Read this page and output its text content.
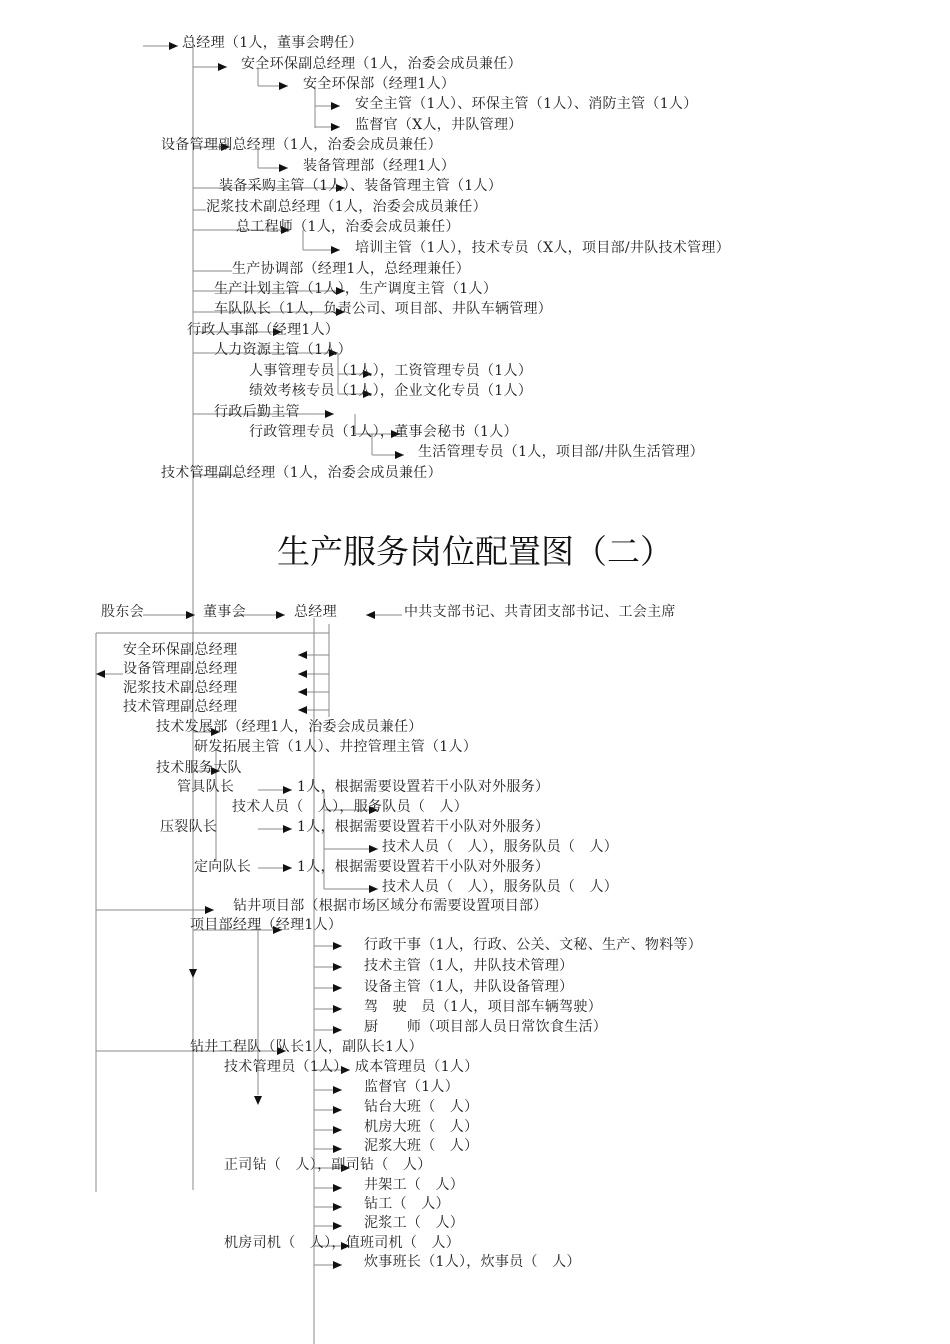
生产服务岗位配置图（二）
总经理（1人，董事会聘任）
安全环保副总经理（1人，治委会成员兼任）
安全环保部（经理1人）
安全主管（1人）、环保主管（1人）、消防主管（1人）
监督官（X人，井队管理）
设备管理副总经理（1人，治委会成员兼任）
装备管理部（经理1人）
装备采购主管（1人）、装备管理主管（1人）
泥浆技术副总经理（1人，治委会成员兼任）
总工程师（1人，治委会成员兼任）
培训主管（1人），技术专员（X人，项目部/井队技术管理）
生产协调部（经理1人，总经理兼任）
生产计划主管（1人），生产调度主管（1人）
车队队长（1人，负责公司、项目部、井队车辆管理）
行政人事部（经理1人）
人力资源主管（1人）
人事管理专员（1人），工资管理专员（1人）
绩效考核专员（1人），企业文化专员（1人）
行政后勤主管
行政管理专员（1人），董事会秘书（1人）
生活管理专员（1人，项目部/井队生活管理）
技术管理副总经理（1人，治委会成员兼任）
股东会	董事会	总经理	中共支部书记、共青团支部书记、工会主席
安全环保副总经理
设备管理副总经理
泥浆技术副总经理
技术管理副总经理
技术发展部（经理1人，治委会成员兼任）
研发拓展主管（1人）、井控管理主管（1人）
技术服务大队
管具队长	1人，根据需要设置若干小队对外服务）
技术人员（　人），服务队员（　人）
压裂队长	1人，根据需要设置若干小队对外服务）
技术人员（　人），服务队员（　人）
定向队长	1人，根据需要设置若干小队对外服务）
技术人员（　人），服务队员（　人）
钻井项目部（根据市场区域分布需要设置项目部）
项目部经理（经理1人）
行政干事（1人，行政、公关、文秘、生产、物料等）
技术主管（1人，井队技术管理）
设备主管（1人，井队设备管理）
驾　驶　员（1人，项目部车辆驾驶）
厨　　师（项目部人员日常饮食生活）
钻井工程队（队长1人，副队长1人）
技术管理员（1人），成本管理员（1人）
监督官（1人）
钻台大班（　人）
机房大班（　人）
泥浆大班（　人）
正司钻（　人），副司钻（　人）
井架工（　人）
钻工（　人）
泥浆工（　人）
机房司机（　人），值班司机（　人）
炊事班长（1人），炊事员（　人）
